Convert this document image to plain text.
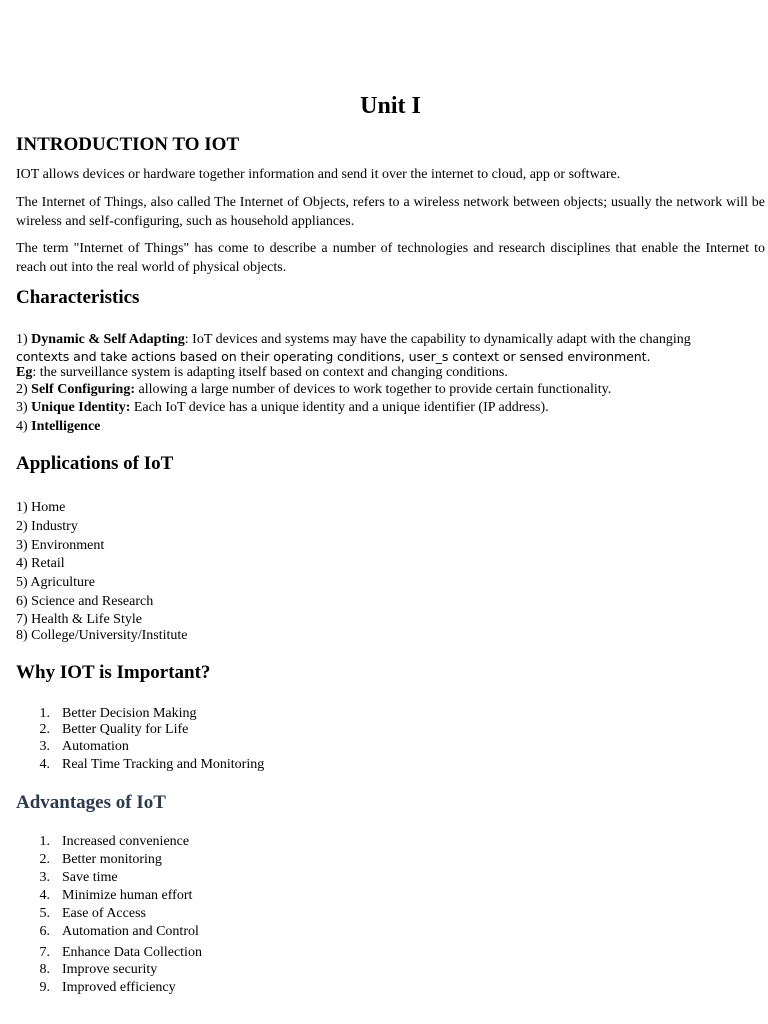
Unit I
INTRODUCTION TO IOT
IOT allows devices or hardware together information and send it over the internet to cloud, app or software.
The Internet of Things, also called The Internet of Objects, refers to a wireless network between objects; usually the network will be wireless and self-configuring, such as household appliances.
The term "Internet of Things" has come to describe a number of technologies and research disciplines that enable the Internet to reach out into the real world of physical objects.
Characteristics
1) Dynamic & Self Adapting: IoT devices and systems may have the capability to dynamically adapt with the changing
contexts and take actions based on their operating conditions, user_s context or sensed environment.
Eg: the surveillance system is adapting itself based on context and changing conditions.
2) Self Configuring: allowing a large number of devices to work together to provide certain functionality.
3) Unique Identity: Each IoT device has a unique identity and a unique identifier (IP address).
4) Intelligence
Applications of IoT
1) Home
2) Industry
3) Environment
4) Retail
5) Agriculture
6) Science and Research
7) Health & Life Style
8) College/University/Institute
Why IOT is Important?
1. Better Decision Making
2. Better Quality for Life
3. Automation
4. Real Time Tracking and Monitoring
Advantages of IoT
1. Increased convenience
2. Better monitoring
3. Save time
4. Minimize human effort
5. Ease of Access
6. Automation and Control
7. Enhance Data Collection
8. Improve security
9. Improved efficiency
